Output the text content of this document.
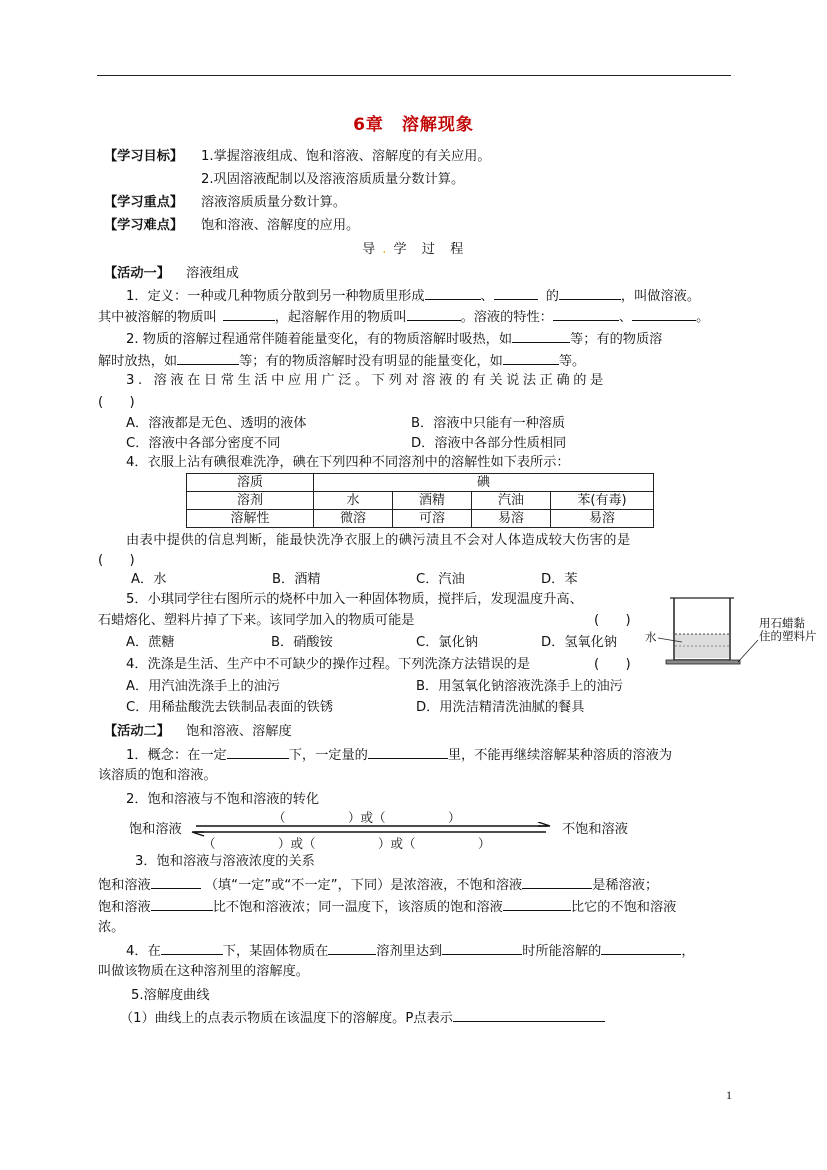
6章　溶解现象
【学习目标】 1.掌握溶液组成、饱和溶液、溶解度的有关应用。
2.巩固溶液配制以及溶液溶质质量分数计算。
【学习重点】 溶液溶质质量分数计算。
【学习难点】 饱和溶液、溶解度的应用。
导 . 学　过　程
【活动一】 溶液组成
1．定义：一种或几种物质分散到另一种物质里形成	、	的	，叫做溶液。
其中被溶解的物质叫	，起溶解作用的物质叫	。溶液的特性：	、	。
2. 物质的溶解过程通常伴随着能量变化，有的物质溶解时吸热，如	等；有的物质溶
解时放热，如	等；有的物质溶解时没有明显的能量变化，如	等。
3. 溶液在日常生活中应用广泛。下列对溶液的有关说法正确的是
(　　)
A．溶液都是无色、透明的液体	B．溶液中只能有一种溶质
C．溶液中各部分密度不同	D．溶液中各部分性质相同
4．衣服上沾有碘很难洗净，碘在下列四种不同溶剂中的溶解性如下表所示：
溶质	碘			
溶剂	水	酒精	汽油	苯(有毒)
溶解性	微溶	可溶	易溶	易溶
由表中提供的信息判断，能最快洗净衣服上的碘污渍且不会对人体造成较大伤害的是
(　　)
A．水	B．酒精	C．汽油	D．苯
5．小琪同学往右图所示的烧杯中加入一种固体物质，搅拌后，发现温度升高、
石蜡熔化、塑料片掉了下来。该同学加入的物质可能是	(　　)
A．蔗糖	B．硝酸铵	C．氯化钠	D．氢氧化钠 水
用石蜡黏
住的塑料片
4．洗涤是生活、生产中不可缺少的操作过程。下列洗涤方法错误的是	(　　)
A．用汽油洗涤手上的油污	B．用氢氧化钠溶液洗涤手上的油污
C．用稀盐酸洗去铁制品表面的铁锈	D．用洗洁精清洗油腻的餐具
【活动二】 饱和溶液、溶解度
1．概念：在一定	下，一定量的	里，不能再继续溶解某种溶质的溶液为
该溶质的饱和溶液。
2．饱和溶液与不饱和溶液的转化
（　　　　　）或（　　　　　）
饱和溶液	不饱和溶液
（　　　　　）或（　　　　　）或（　　　　　）
3．饱和溶液与溶液浓度的关系
饱和溶液	（填“一定”或“不一定”，下同）是浓溶液，不饱和溶液	是稀溶液；
饱和溶液	比不饱和溶液浓；同一温度下，该溶质的饱和溶液	比它的不饱和溶液
浓。
4．在	下，某固体物质在	溶剂里达到	时所能溶解的	，
叫做该物质在这种溶剂里的溶解度。
5.溶解度曲线
（1）曲线上的点表示物质在该温度下的溶解度。P点表示
1
